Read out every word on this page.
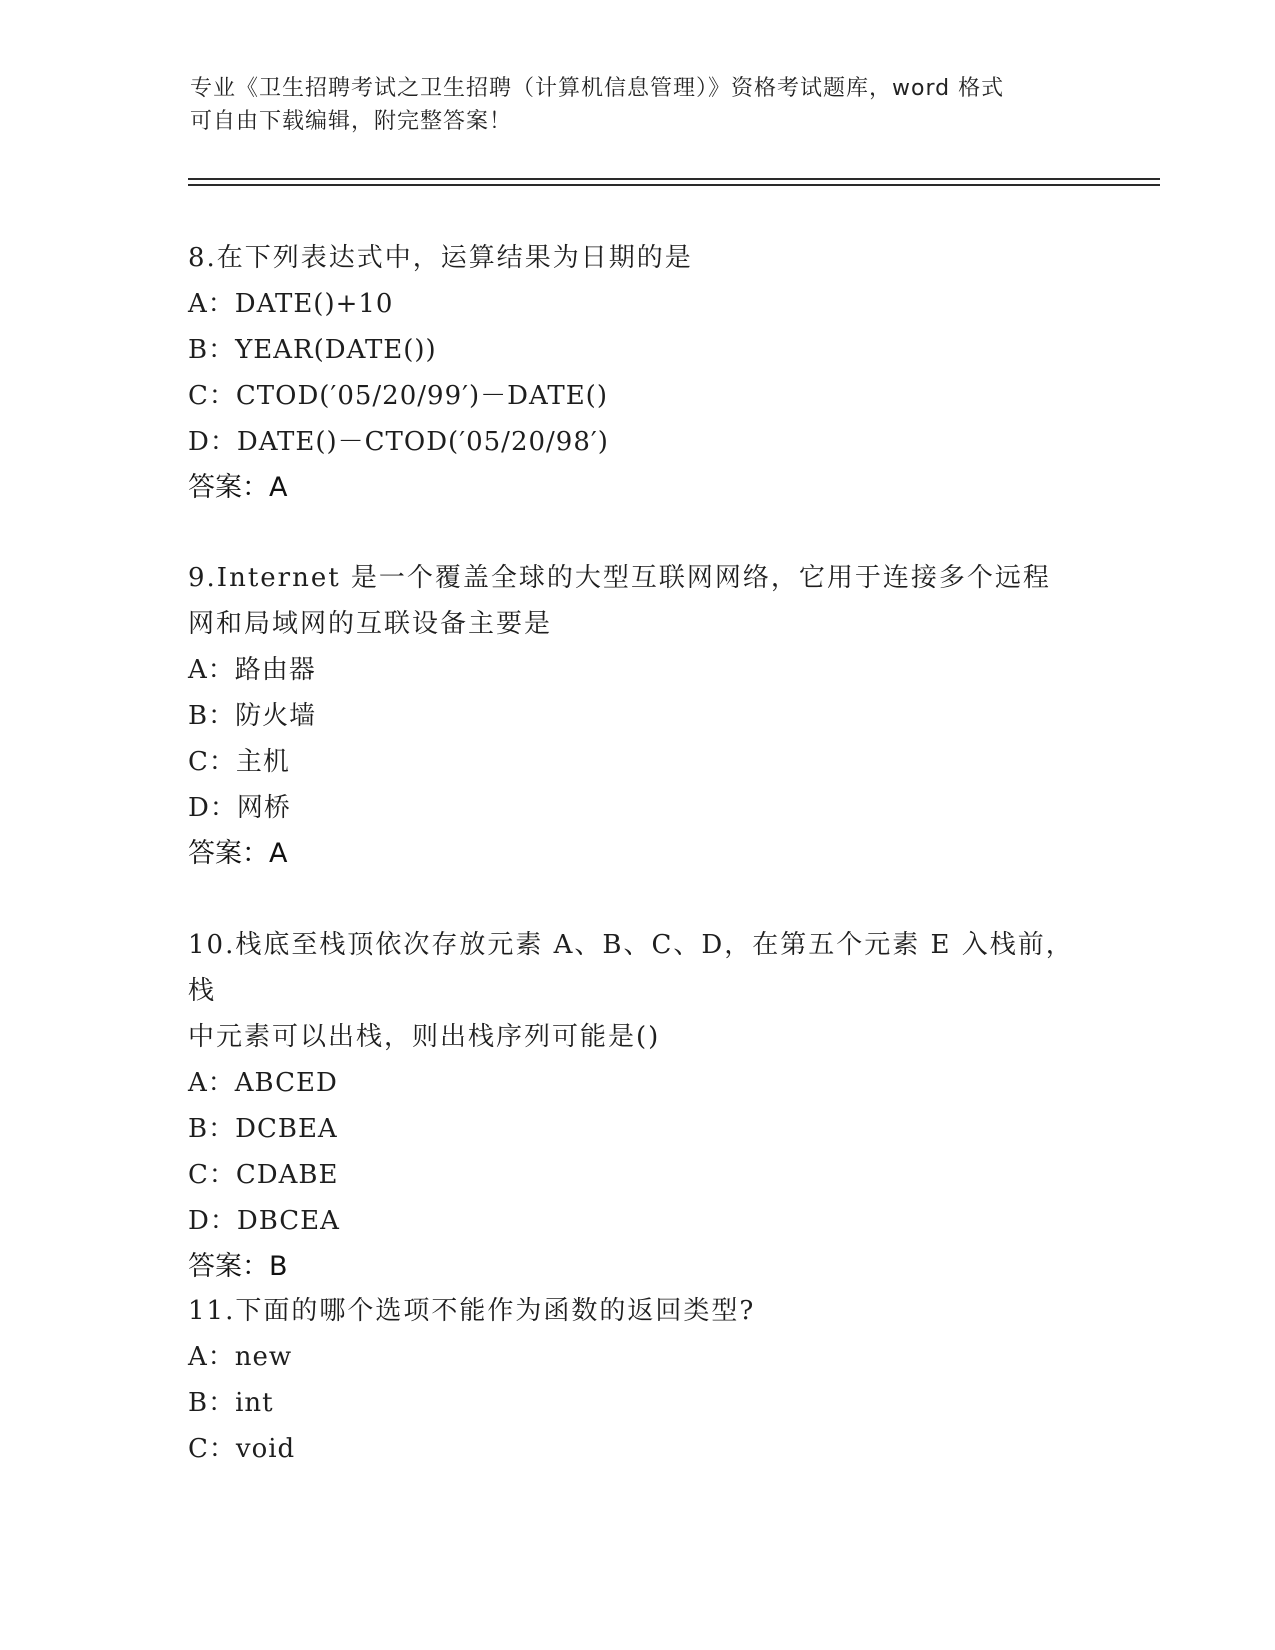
专业《卫生招聘考试之卫生招聘（计算机信息管理）》资格考试题库，word 格式
可自由下载编辑，附完整答案！

8.在下列表达式中，运算结果为日期的是

A：DATE()+10

B：YEAR(DATE())

C：CTOD(′05/20/99′)－DATE()

D：DATE()－CTOD(′05/20/98′)

答案：A

9.Internet 是一个覆盖全球的大型互联网网络，它用于连接多个远程

网和局域网的互联设备主要是

A：路由器

B：防火墙

C：主机

D：网桥

答案：A

10.栈底至栈顶依次存放元素 A、B、C、D，在第五个元素 E 入栈前，栈

中元素可以出栈，则出栈序列可能是()

A：ABCED

B：DCBEA

C：CDABE

D：DBCEA

答案：B

11.下面的哪个选项不能作为函数的返回类型?

A：new

B：int

C：void
